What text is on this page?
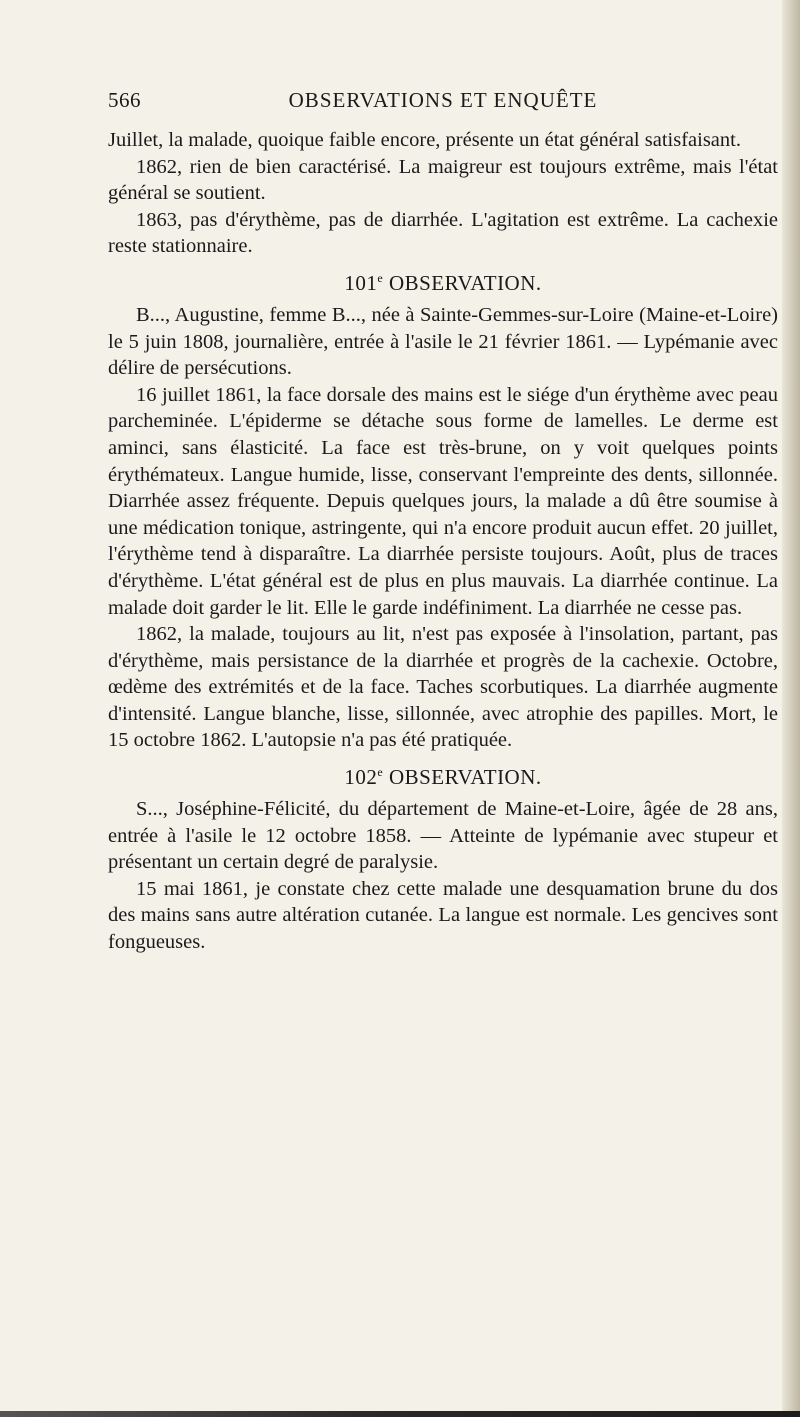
566	OBSERVATIONS ET ENQUÊTE

Juillet, la malade, quoique faible encore, présente un état général satisfaisant.

1862, rien de bien caractérisé. La maigreur est toujours extrême, mais l'état général se soutient.

1863, pas d'érythème, pas de diarrhée. L'agitation est extrême. La cachexie reste stationnaire.

101e OBSERVATION.

B..., Augustine, femme B..., née à Sainte-Gemmes-sur-Loire (Maine-et-Loire) le 5 juin 1808, journalière, entrée à l'asile le 21 février 1861. — Lypémanie avec délire de persécutions.

16 juillet 1861, la face dorsale des mains est le siége d'un érythème avec peau parcheminée. L'épiderme se détache sous forme de lamelles. Le derme est aminci, sans élasticité. La face est très-brune, on y voit quelques points érythémateux. Langue humide, lisse, conservant l'empreinte des dents, sillonnée. Diarrhée assez fréquente. Depuis quelques jours, la malade a dû être soumise à une médication tonique, astringente, qui n'a encore produit aucun effet. 20 juillet, l'érythème tend à disparaître. La diarrhée persiste toujours. Août, plus de traces d'érythème. L'état général est de plus en plus mauvais. La diarrhée continue. La malade doit garder le lit. Elle le garde indéfiniment. La diarrhée ne cesse pas.

1862, la malade, toujours au lit, n'est pas exposée à l'insolation, partant, pas d'érythème, mais persistance de la diarrhée et progrès de la cachexie. Octobre, œdème des extrémités et de la face. Taches scorbutiques. La diarrhée augmente d'intensité. Langue blanche, lisse, sillonnée, avec atrophie des papilles. Mort, le 15 octobre 1862. L'autopsie n'a pas été pratiquée.

102e OBSERVATION.

S..., Joséphine-Félicité, du département de Maine-et-Loire, âgée de 28 ans, entrée à l'asile le 12 octobre 1858. — Atteinte de lypémanie avec stupeur et présentant un certain degré de paralysie.

15 mai 1861, je constate chez cette malade une desquamation brune du dos des mains sans autre altération cutanée. La langue est normale. Les gencives sont fongueuses.
